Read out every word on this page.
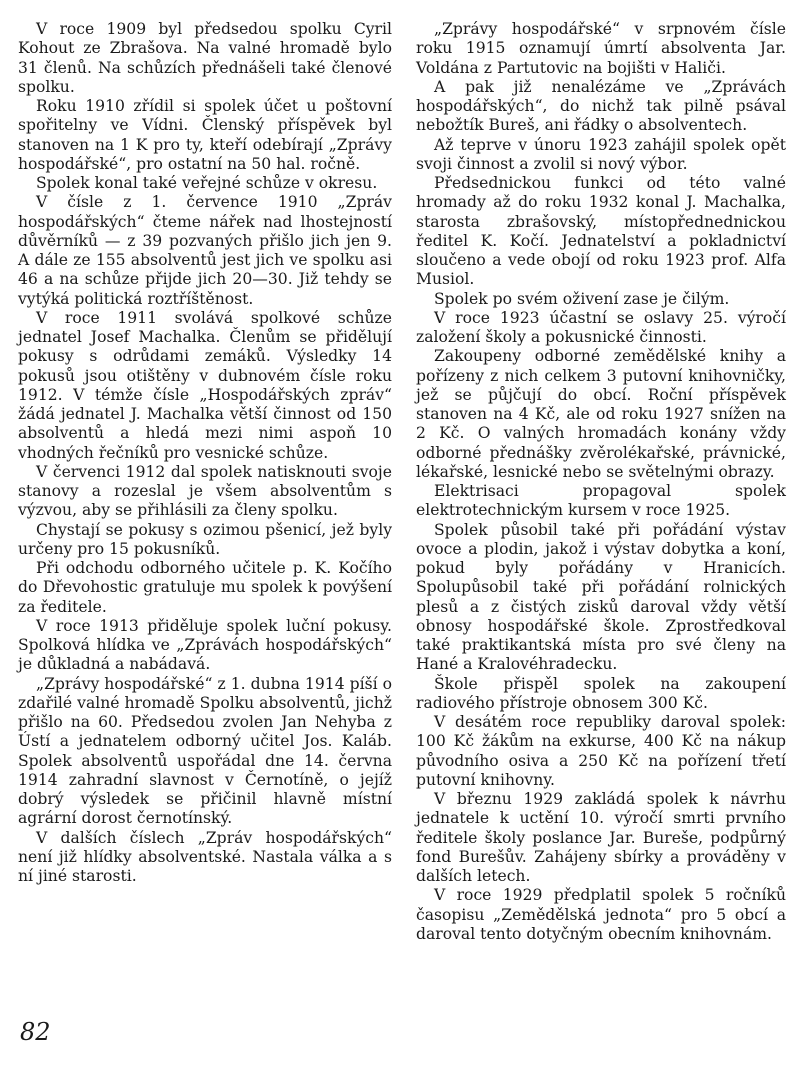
V roce 1909 byl předsedou spolku Cyril Kohout ze Zbrašova. Na valné hromadě bylo 31 členů. Na schůzích přednášeli také členové spolku.

Roku 1910 zřídil si spolek účet u poštovní spořitelny ve Vídni. Členský příspěvek byl stanoven na 1 K pro ty, kteří odebírají „Zprávy hospodářské“, pro ostatní na 50 hal. ročně.

Spolek konal také veřejné schůze v okresu.

V čísle z 1. července 1910 „Zpráv hospodářských“ čteme nářek nad lhostejností důvěrníků — z 39 pozvaných přišlo jich jen 9. A dále ze 155 absolventů jest jich ve spolku asi 46 a na schůze přijde jich 20—30. Již tehdy se vytýká politická roztříštěnost.

V roce 1911 svolává spolkové schůze jednatel Josef Machalka. Členům se přidělují pokusy s odrůdami zemáků. Výsledky 14 pokusů jsou otištěny v dubnovém čísle roku 1912. V témže čísle „Hospodářských zpráv“ žádá jednatel J. Machalka větší činnost od 150 absolventů a hledá mezi nimi aspoň 10 vhodných řečníků pro vesnické schůze.

V červenci 1912 dal spolek natisknouti svoje stanovy a rozeslal je všem absolventům s výzvou, aby se přihlásili za členy spolku.

Chystají se pokusy s ozimou pšenicí, jež byly určeny pro 15 pokusníků.

Při odchodu odborného učitele p. K. Kočího do Dřevohostic gratuluje mu spolek k povýšení za ředitele.

V roce 1913 přiděluje spolek luční pokusy. Spolková hlídka ve „Zprávách hospodářských“ je důkladná a nabádavá.

„Zprávy hospodářské“ z 1. dubna 1914 píší o zdařilé valné hromadě Spolku absolventů, jichž přišlo na 60. Předsedou zvolen Jan Nehyba z Ústí a jednatelem odborný učitel Jos. Kaláb. Spolek absolventů uspořádal dne 14. června 1914 zahradní slavnost v Černotíně, o jejíž dobrý výsledek se přičinil hlavně místní agrární dorost černotínský.

V dalších číslech „Zpráv hospodářských“ není již hlídky absolventské. Nastala válka a s ní jiné starosti.

„Zprávy hospodářské“ v srpnovém čísle roku 1915 oznamují úmrtí absolventa Jar. Voldána z Partutovic na bojišti v Haliči.

A pak již nenalézáme ve „Zprávách hospodářských“, do nichž tak pilně psával nebožtík Bureš, ani řádky o absolventech.

Až teprve v únoru 1923 zahájil spolek opět svoji činnost a zvolil si nový výbor.

Předsednickou funkci od této valné hromady až do roku 1932 konal J. Machalka, starosta zbrašovský, místopřednednickou ředitel K. Kočí. Jednatelství a pokladnictví sloučeno a vede obojí od roku 1923 prof. Alfa Musiol.

Spolek po svém oživení zase je čilým.

V roce 1923 účastní se oslavy 25. výročí založení školy a pokusnické činnosti.

Zakoupeny odborné zemědělské knihy a pořízeny z nich celkem 3 putovní knihovničky, jež se půjčují do obcí. Roční příspěvek stanoven na 4 Kč, ale od roku 1927 snížen na 2 Kč. O valných hromadách konány vždy odborné přednášky zvěrolékařské, právnické, lékařské, lesnické nebo se světelnými obrazy.

Elektrisaci propagoval spolek elektrotechnickým kursem v roce 1925.

Spolek působil také při pořádání výstav ovoce a plodin, jakož i výstav dobytka a koní, pokud byly pořádány v Hranicích. Spolupůsobil také při pořádání rolnických plesů a z čistých zisků daroval vždy větší obnosy hospodářské škole. Zprostředkoval také praktikantská místa pro své členy na Hané a Kralovéhradecku.

Škole přispěl spolek na zakoupení radiového přístroje obnosem 300 Kč.

V desátém roce republiky daroval spolek: 100 Kč žákům na exkurse, 400 Kč na nákup původního osiva a 250 Kč na pořízení třetí putovní knihovny.

V březnu 1929 zakládá spolek k návrhu jednatele k uctění 10. výročí smrti prvního ředitele školy poslance Jar. Bureše, podpůrný fond Burešův. Zahájeny sbírky a prováděny v dalších letech.

V roce 1929 předplatil spolek 5 ročníků časopisu „Zemědělská jednota“ pro 5 obcí a daroval tento dotyčným obecním knihovnám.

82
